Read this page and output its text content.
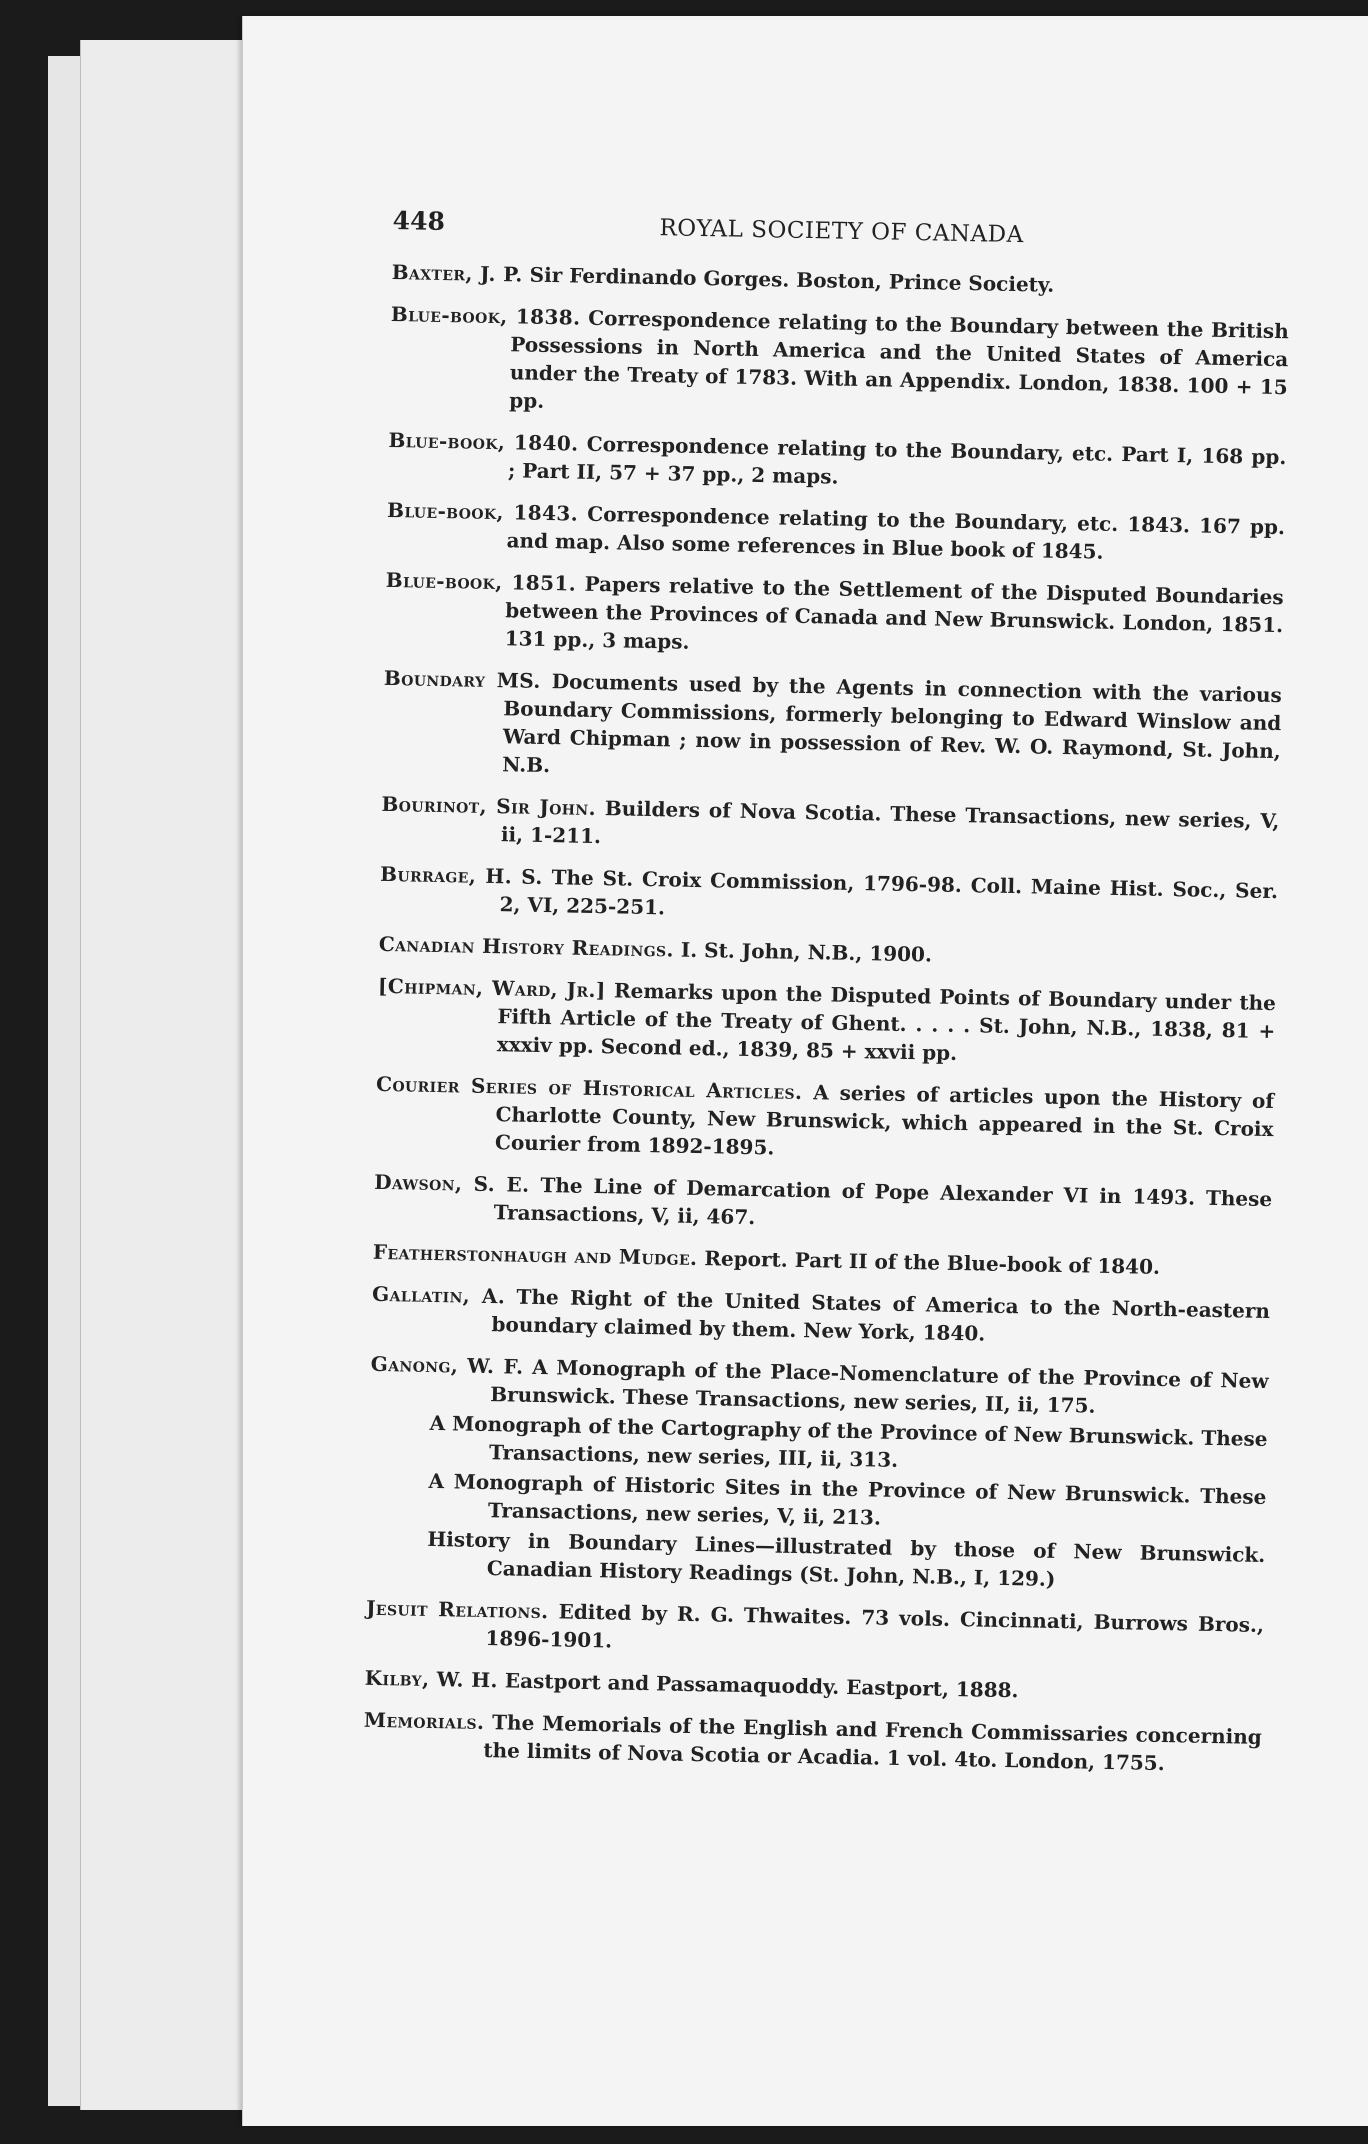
448	ROYAL SOCIETY OF CANADA

Baxter, J. P. Sir Ferdinando Gorges. Boston, Prince Society.

Blue-book, 1838. Correspondence relating to the Boundary between the British Possessions in North America and the United States of America under the Treaty of 1783. With an Appendix. London, 1838. 100 + 15 pp.

Blue-book, 1840. Correspondence relating to the Boundary, etc. Part I, 168 pp. ; Part II, 57 + 37 pp., 2 maps.

Blue-book, 1843. Correspondence relating to the Boundary, etc. 1843. 167 pp. and map. Also some references in Blue book of 1845.

Blue-book, 1851. Papers relative to the Settlement of the Disputed Boundaries between the Provinces of Canada and New Brunswick. London, 1851. 131 pp., 3 maps.

Boundary MS. Documents used by the Agents in connection with the various Boundary Commissions, formerly belonging to Edward Winslow and Ward Chipman ; now in possession of Rev. W. O. Raymond, St. John, N.B.

Bourinot, Sir John. Builders of Nova Scotia. These Transactions, new series, V, ii, 1-211.

Burrage, H. S. The St. Croix Commission, 1796-98. Coll. Maine Hist. Soc., Ser. 2, VI, 225-251.

Canadian History Readings. I. St. John, N.B., 1900.

[Chipman, Ward, Jr.] Remarks upon the Disputed Points of Boundary under the Fifth Article of the Treaty of Ghent. . . . . St. John, N.B., 1838, 81 + xxxiv pp. Second ed., 1839, 85 + xxvii pp.

Courier Series of Historical Articles. A series of articles upon the History of Charlotte County, New Brunswick, which appeared in the St. Croix Courier from 1892-1895.

Dawson, S. E. The Line of Demarcation of Pope Alexander VI in 1493. These Transactions, V, ii, 467.

Featherstonhaugh and Mudge. Report. Part II of the Blue-book of 1840.

Gallatin, A. The Right of the United States of America to the North-eastern boundary claimed by them. New York, 1840.

Ganong, W. F. A Monograph of the Place-Nomenclature of the Province of New Brunswick. These Transactions, new series, II, ii, 175.

A Monograph of the Cartography of the Province of New Brunswick. These Transactions, new series, III, ii, 313.

A Monograph of Historic Sites in the Province of New Brunswick. These Transactions, new series, V, ii, 213.

History in Boundary Lines—illustrated by those of New Brunswick. Canadian History Readings (St. John, N.B., I, 129.)

Jesuit Relations. Edited by R. G. Thwaites. 73 vols. Cincinnati, Burrows Bros., 1896-1901.

Kilby, W. H. Eastport and Passamaquoddy. Eastport, 1888.

Memorials. The Memorials of the English and French Commissaries concerning the limits of Nova Scotia or Acadia. 1 vol. 4to. London, 1755.
